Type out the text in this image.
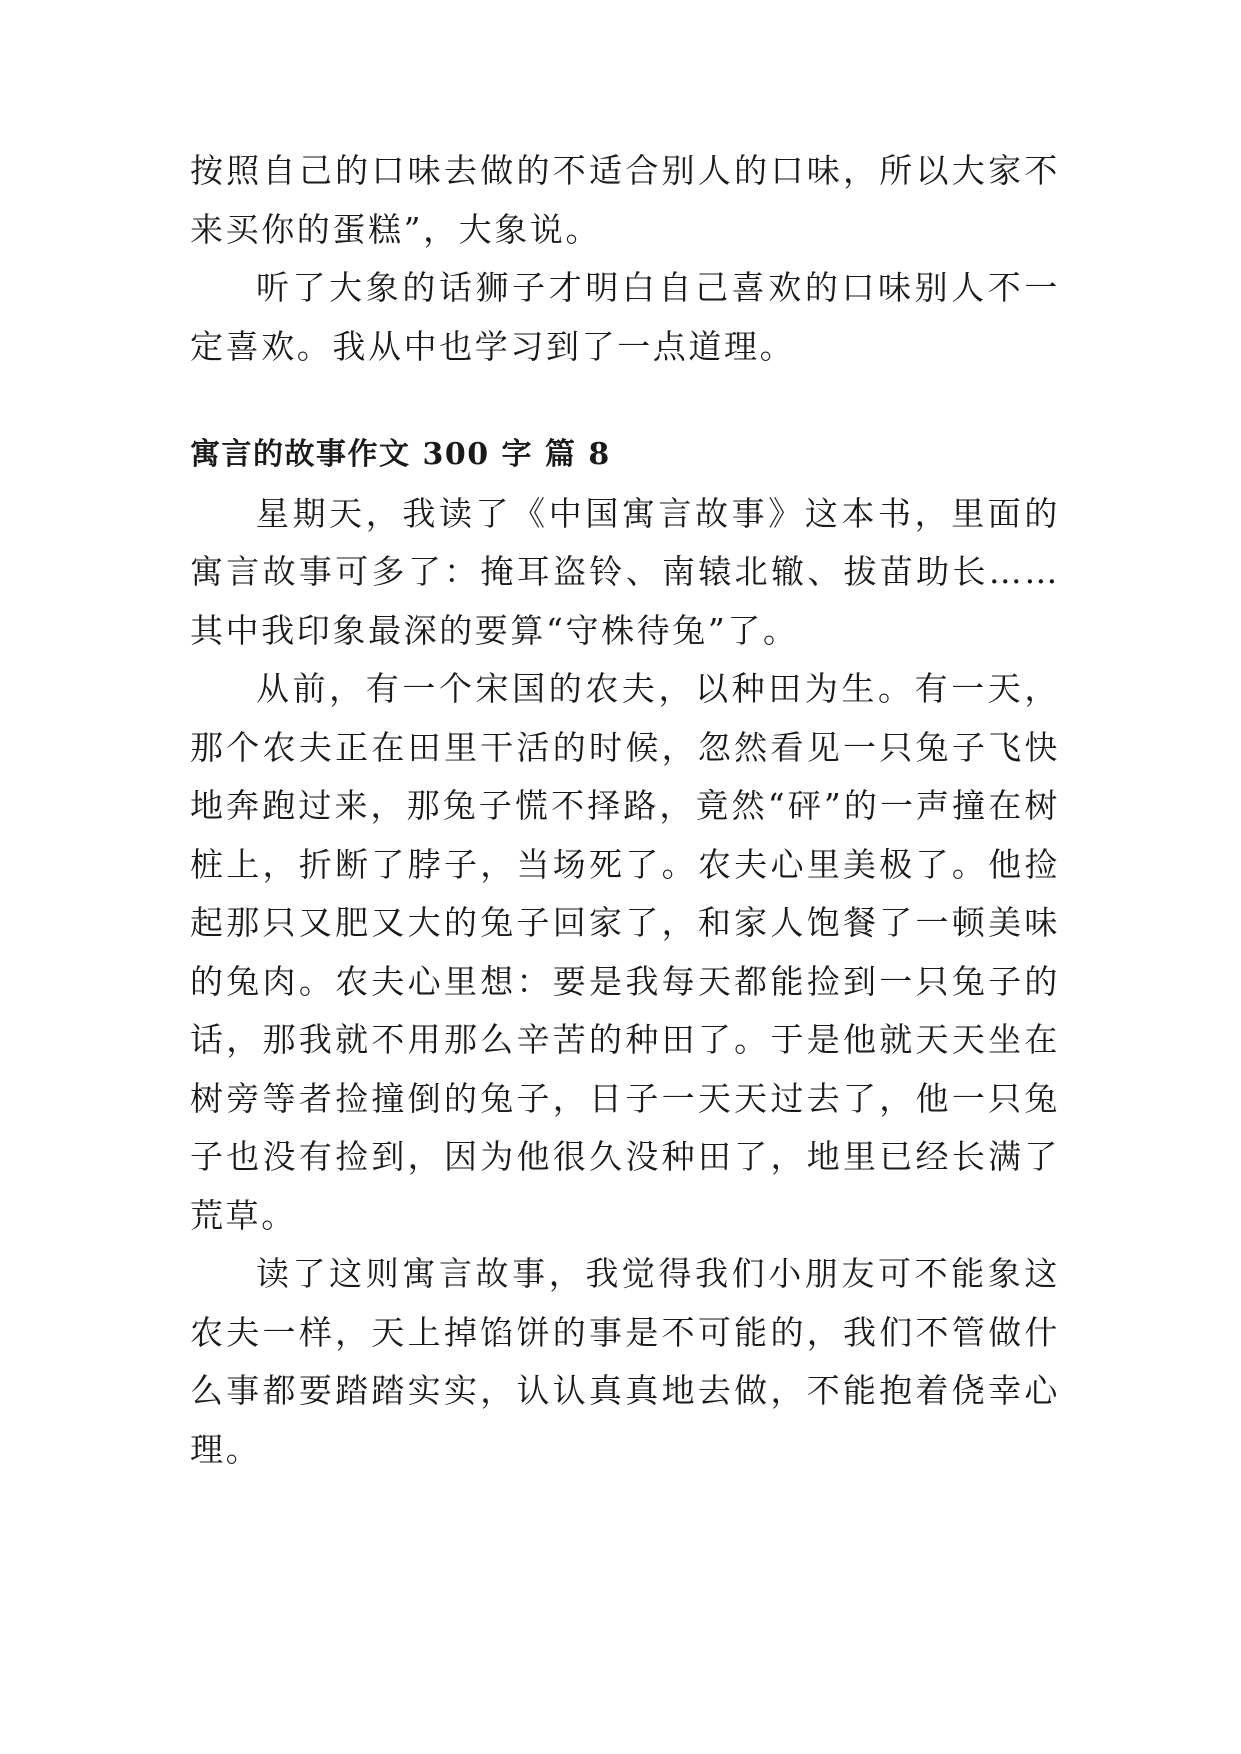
按照自己的口味去做的不适合别人的口味，所以大家不来买你的蛋糕”，大象说。

听了大象的话狮子才明白自己喜欢的口味别人不一定喜欢。我从中也学习到了一点道理。

寓言的故事作文 300 字 篇 8

星期天，我读了《中国寓言故事》这本书，里面的寓言故事可多了：掩耳盗铃、南辕北辙、拔苗助长……其中我印象最深的要算“守株待兔”了。

从前，有一个宋国的农夫，以种田为生。有一天，那个农夫正在田里干活的时候，忽然看见一只兔子飞快地奔跑过来，那兔子慌不择路，竟然“砰”的一声撞在树桩上，折断了脖子，当场死了。农夫心里美极了。他捡起那只又肥又大的兔子回家了，和家人饱餐了一顿美味的兔肉。农夫心里想：要是我每天都能捡到一只兔子的话，那我就不用那么辛苦的种田了。于是他就天天坐在树旁等者捡撞倒的兔子，日子一天天过去了，他一只兔子也没有捡到，因为他很久没种田了，地里已经长满了荒草。

读了这则寓言故事，我觉得我们小朋友可不能象这农夫一样，天上掉馅饼的事是不可能的，我们不管做什么事都要踏踏实实，认认真真地去做，不能抱着侥幸心理。
